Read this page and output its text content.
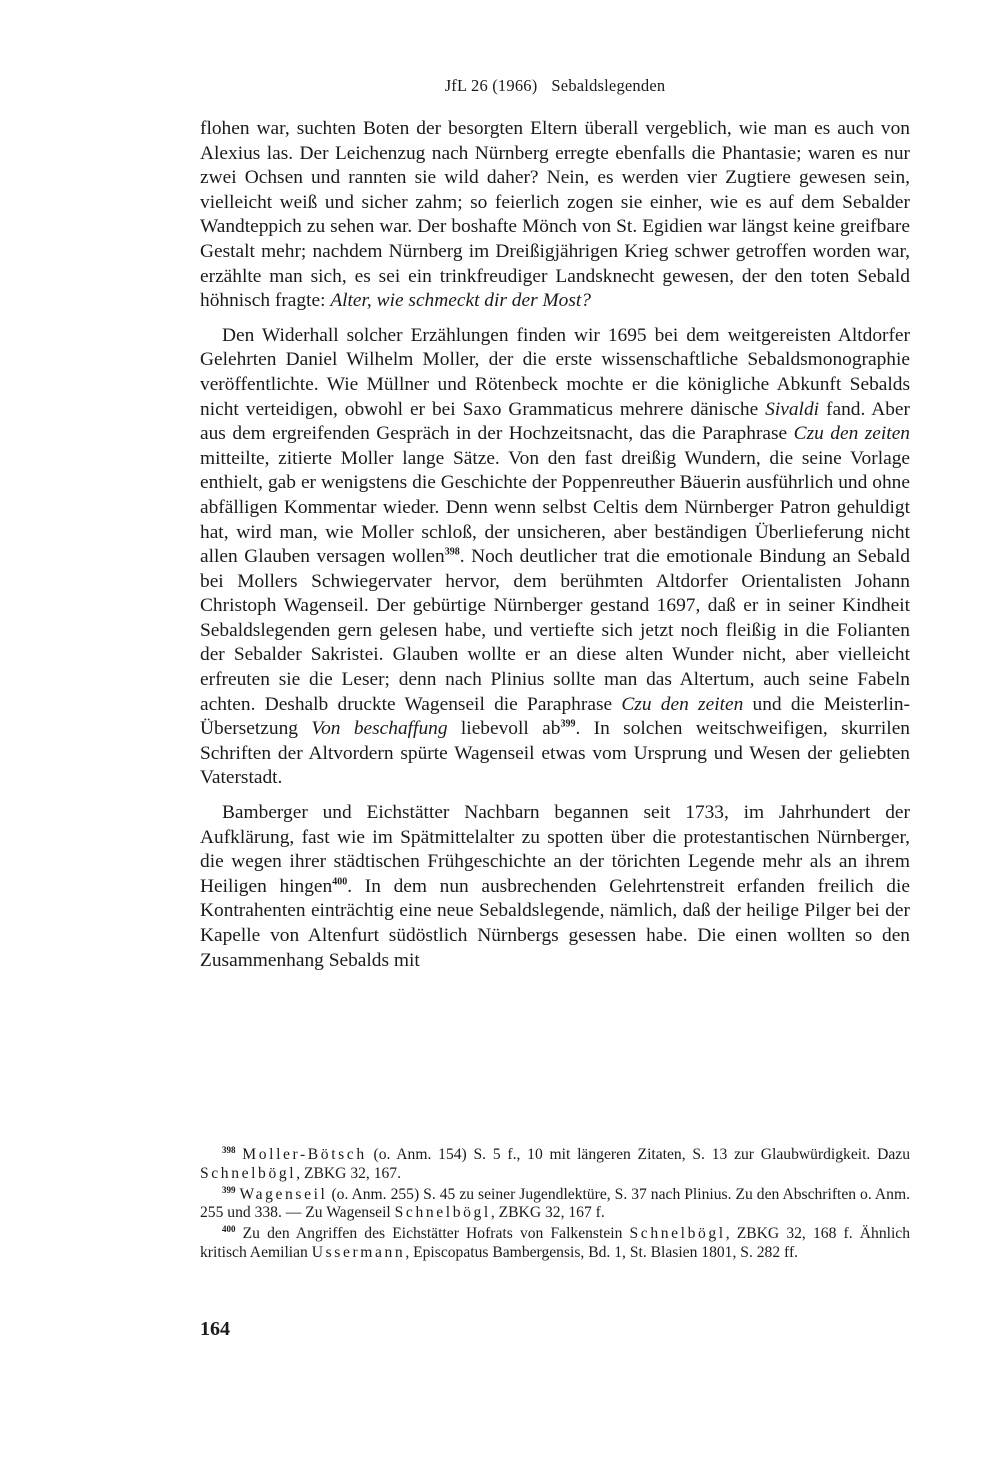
JfL 26 (1966) Sebaldslegenden

flohen war, suchten Boten der besorgten Eltern überall vergeblich, wie man es auch von Alexius las. Der Leichenzug nach Nürnberg erregte ebenfalls die Phantasie; waren es nur zwei Ochsen und rannten sie wild daher? Nein, es werden vier Zugtiere gewesen sein, vielleicht weiß und sicher zahm; so feierlich zogen sie einher, wie es auf dem Sebalder Wandteppich zu sehen war. Der boshafte Mönch von St. Egidien war längst keine greifbare Gestalt mehr; nachdem Nürnberg im Dreißigjährigen Krieg schwer getroffen worden war, erzählte man sich, es sei ein trinkfreudiger Landsknecht gewesen, der den toten Sebald höhnisch fragte: Alter, wie schmeckt dir der Most?

Den Widerhall solcher Erzählungen finden wir 1695 bei dem weitgereisten Altdorfer Gelehrten Daniel Wilhelm Moller, der die erste wissenschaftliche Sebaldsmonographie veröffentlichte. Wie Müllner und Rötenbeck mochte er die königliche Abkunft Sebalds nicht verteidigen, obwohl er bei Saxo Grammaticus mehrere dänische Sivaldi fand. Aber aus dem ergreifenden Gespräch in der Hochzeitsnacht, das die Paraphrase Czu den zeiten mitteilte, zitierte Moller lange Sätze. Von den fast dreißig Wundern, die seine Vorlage enthielt, gab er wenigstens die Geschichte der Poppenreuther Bäuerin ausführlich und ohne abfälligen Kommentar wieder. Denn wenn selbst Celtis dem Nürnberger Patron gehuldigt hat, wird man, wie Moller schloß, der unsicheren, aber beständigen Überlieferung nicht allen Glauben versagen wollen$^{398}$. Noch deutlicher trat die emotionale Bindung an Sebald bei Mollers Schwiegervater hervor, dem berühmten Altdorfer Orientalisten Johann Christoph Wagenseil. Der gebürtige Nürnberger gestand 1697, daß er in seiner Kindheit Sebaldslegenden gern gelesen habe, und vertiefte sich jetzt noch fleißig in die Folianten der Sebalder Sakristei. Glauben wollte er an diese alten Wunder nicht, aber vielleicht erfreuten sie die Leser; denn nach Plinius sollte man das Altertum, auch seine Fabeln achten. Deshalb druckte Wagenseil die Paraphrase Czu den zeiten und die Meisterlin-Übersetzung Von beschaffung liebevoll $ab^{399}$. In solchen weitschweifigen, skurrilen Schriften der Altvordern spürte Wagenseil etwas vom Ursprung und Wesen der geliebten Vaterstadt.

Bamberger und Eichstätter Nachbarn begannen seit 1733, im Jahrhundert der Aufklärung, fast wie im Spätmittelalter zu spotten über die protestantischen Nürnberger, die wegen ihrer städtischen Frühgeschichte an der törichten Legende mehr als an ihrem Heiligen hingen$^{400}$. In dem nun ausbrechenden Gelehrtenstreit erfanden freilich die Kontrahenten einträchtig eine neue Sebaldslegende, nämlich, daß der heilige Pilger bei der Kapelle von Altenfurt südöstlich Nürnbergs gesessen habe. Die einen wollten so den Zusammenhang Sebalds mit

$^{398}$ Moller-Bötsch (o. Anm. 154) S. 5 f., 10 mit längeren Zitaten, S. 13 zur Glaubwürdigkeit. Dazu Schnelbögl, ZBKG 32, 167.

$^{399}$ Wagenseil (o. Anm. 255) S. 45 zu seiner Jugendlektüre, S. 37 nach Plinius. Zu den Abschriften o. Anm. 255 und 338. — Zu Wagenseil Schnelbögl, ZBKG 32, 167 f.

$^{400}$ Zu den Angriffen des Eichstätter Hofrats von Falkenstein Schnelbögl, ZBKG 32, 168 f. Ähnlich kritisch Aemilian Ussermann, Episcopatus Bambergensis, Bd. 1, St. Blasien 1801, S. 282 ff.

164
